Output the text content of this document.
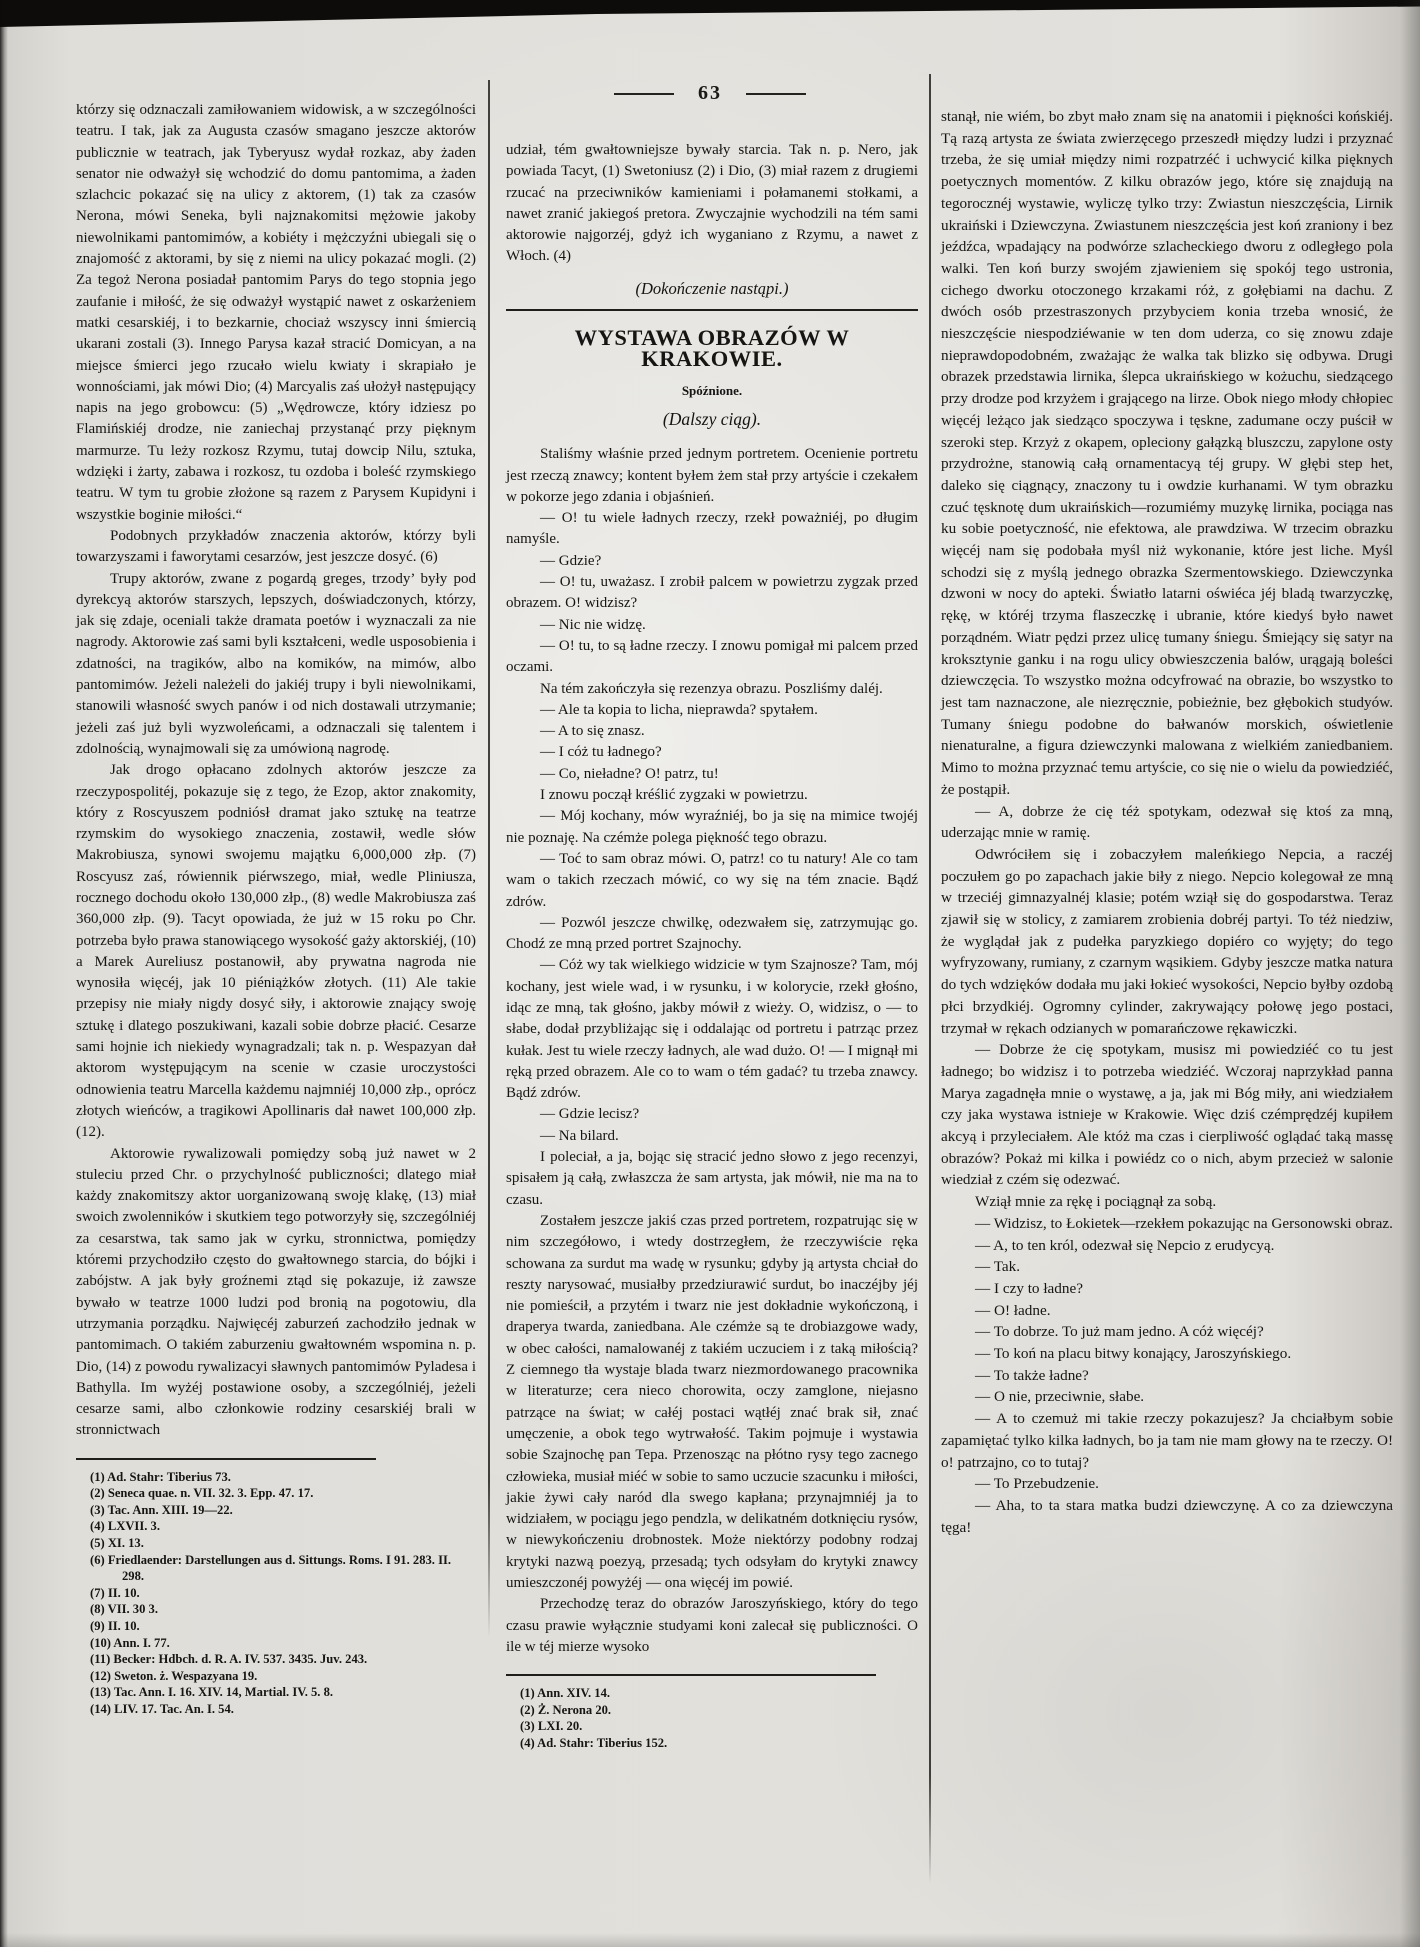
63

którzy się odznaczali zamiłowaniem widowisk, a w szczególności teatru. I tak, jak za Augusta czasów smagano jeszcze aktorów publicznie w teatrach, jak Tyberyusz wydał rozkaz, aby żaden senator nie odważył się wchodzić do domu pantomima, a żaden szlachcic pokazać się na ulicy z aktorem, (1) tak za czasów Nerona, mówi Seneka, byli najznakomitsi mężowie jakoby niewolnikami pantomimów, a kobiéty i mężczyźni ubiegali się o znajomość z aktorami, by się z niemi na ulicy pokazać mogli. (2) Za tegoż Nerona posiadał pantomim Parys do tego stopnia jego zaufanie i miłość, że się odważył wystąpić nawet z oskarżeniem matki cesarskiéj, i to bezkarnie, chociaż wszyscy inni śmiercią ukarani zostali (3). Innego Parysa kazał stracić Domicyan, a na miejsce śmierci jego rzucało wielu kwiaty i skrapiało je wonnościami, jak mówi Dio; (4) Marcyalis zaś ułożył następujący napis na jego grobowcu: (5) „Wędrowcze, który idziesz po Flamińskiéj drodze, nie zaniechaj przystanąć przy pięknym marmurze. Tu leży rozkosz Rzymu, tutaj dowcip Nilu, sztuka, wdzięki i żarty, zabawa i rozkosz, tu ozdoba i boleść rzymskiego teatru. W tym tu grobie złożone są razem z Parysem Kupidyni i wszystkie boginie miłości.“

Podobnych przykładów znaczenia aktorów, którzy byli towarzyszami i faworytami cesarzów, jest jeszcze dosyć. (6)

Trupy aktorów, zwane z pogardą greges, trzody’ były pod dyrekcyą aktorów starszych, lepszych, doświadczonych, którzy, jak się zdaje, oceniali także dramata poetów i wyznaczali za nie nagrody. Aktorowie zaś sami byli kształceni, wedle usposobienia i zdatności, na tragików, albo na komików, na mimów, albo pantomimów. Jeżeli należeli do jakiéj trupy i byli niewolnikami, stanowili własność swych panów i od nich dostawali utrzymanie; jeżeli zaś już byli wyzwoleńcami, a odznaczali się talentem i zdolnością, wynajmowali się za umówioną nagrodę.

Jak drogo opłacano zdolnych aktorów jeszcze za rzeczypospolitéj, pokazuje się z tego, że Ezop, aktor znakomity, który z Roscyuszem podniósł dramat jako sztukę na teatrze rzymskim do wysokiego znaczenia, zostawił, wedle słów Makrobiusza, synowi swojemu majątku 6,000,000 złp. (7) Roscyusz zaś, rówiennik piérwszego, miał, wedle Pliniusza, rocznego dochodu około 130,000 złp., (8) wedle Makrobiusza zaś 360,000 złp. (9). Tacyt opowiada, że już w 15 roku po Chr. potrzeba było prawa stanowiącego wysokość gaży aktorskiéj, (10) a Marek Aureliusz postanowił, aby prywatna nagroda nie wynosiła więcéj, jak 10 piéniążków złotych. (11) Ale takie przepisy nie miały nigdy dosyć siły, i aktorowie znający swoję sztukę i dlatego poszukiwani, kazali sobie dobrze płacić. Cesarze sami hojnie ich niekiedy wynagradzali; tak n. p. Wespazyan dał aktorom występującym na scenie w czasie uroczystości odnowienia teatru Marcella każdemu najmniéj 10,000 złp., oprócz złotych wieńców, a tragikowi Apollinaris dał nawet 100,000 złp. (12).

Aktorowie rywalizowali pomiędzy sobą już nawet w 2 stuleciu przed Chr. o przychylność publiczności; dlatego miał każdy znakomitszy aktor uorganizowaną swoję klakę, (13) miał swoich zwolenników i skutkiem tego potworzyły się, szczególniéj za cesarstwa, tak samo jak w cyrku, stronnictwa, pomiędzy któremi przychodziło często do gwałtownego starcia, do bójki i zabójstw. A jak były groźnemi ztąd się pokazuje, iż zawsze bywało w teatrze 1000 ludzi pod bronią na pogotowiu, dla utrzymania porządku. Najwięcéj zaburzeń zachodziło jednak w pantomimach. O takiém zaburzeniu gwałtowném wspomina n. p. Dio, (14) z powodu rywalizacyi sławnych pantomimów Pyladesa i Bathylla. Im wyżéj postawione osoby, a szczególniéj, jeżeli cesarze sami, albo członkowie rodziny cesarskiéj brali w stronnictwach

(1) Ad. Stahr: Tiberius 73.

(2) Seneca quae. n. VII. 32. 3. Epp. 47. 17.

(3) Tac. Ann. XIII. 19—22.

(4) LXVII. 3.

(5) XI. 13.

(6) Friedlaender: Darstellungen aus d. Sittungs. Roms. I 91. 283. II. 298.

(7) II. 10.

(8) VII. 30 3.

(9) II. 10.

(10) Ann. I. 77.

(11) Becker: Hdbch. d. R. A. IV. 537. 3435. Juv. 243.

(12) Sweton. ż. Wespazyana 19.

(13) Tac. Ann. I. 16. XIV. 14, Martial. IV. 5. 8.

(14) LIV. 17. Tac. An. I. 54.

udział, tém gwałtowniejsze bywały starcia. Tak n. p. Nero, jak powiada Tacyt, (1) Swetoniusz (2) i Dio, (3) miał razem z drugiemi rzucać na przeciwników kamieniami i połamanemi stołkami, a nawet zranić jakiegoś pretora. Zwyczajnie wychodzili na tém sami aktorowie najgorzéj, gdyż ich wyganiano z Rzymu, a nawet z Włoch. (4)

(Dokończenie nastąpi.)

WYSTAWA OBRAZÓW W KRAKOWIE.

Spóźnione.

(Dalszy ciąg).

Staliśmy właśnie przed jednym portretem. Ocenienie portretu jest rzeczą znawcy; kontent byłem żem stał przy artyście i czekałem w pokorze jego zdania i objaśnień.

— O! tu wiele ładnych rzeczy, rzekł poważniéj, po długim namyśle.

— Gdzie?

— O! tu, uważasz. I zrobił palcem w powietrzu zygzak przed obrazem. O! widzisz?

— Nic nie widzę.

— O! tu, to są ładne rzeczy. I znowu pomigał mi palcem przed oczami.

Na tém zakończyła się rezenzya obrazu. Poszliśmy daléj.

— Ale ta kopia to licha, nieprawda? spytałem.

— A to się znasz.

— I cóż tu ładnego?

— Co, nieładne? O! patrz, tu!

I znowu począł kréślić zygzaki w powietrzu.

— Mój kochany, mów wyraźniéj, bo ja się na mimice twojéj nie poznaję. Na czémże polega piękność tego obrazu.

— Toć to sam obraz mówi. O, patrz! co tu natury! Ale co tam wam o takich rzeczach mówić, co wy się na tém znacie. Bądź zdrów.

— Pozwól jeszcze chwilkę, odezwałem się, zatrzymując go. Chodź ze mną przed portret Szajnochy.

— Cóż wy tak wielkiego widzicie w tym Szajnosze? Tam, mój kochany, jest wiele wad, i w rysunku, i w kolorycie, rzekł głośno, idąc ze mną, tak głośno, jakby mówił z wieży. O, widzisz, o — to słabe, dodał przybliżając się i oddalając od portretu i patrząc przez kułak. Jest tu wiele rzeczy ładnych, ale wad dużo. O! — I mignął mi ręką przed obrazem. Ale co to wam o tém gadać? tu trzeba znawcy. Bądź zdrów.

— Gdzie lecisz?

— Na bilard.

I poleciał, a ja, bojąc się stracić jedno słowo z jego recenzyi, spisałem ją całą, zwłaszcza że sam artysta, jak mówił, nie ma na to czasu.

Zostałem jeszcze jakiś czas przed portretem, rozpatrując się w nim szczegółowo, i wtedy dostrzegłem, że rzeczywiście ręka schowana za surdut ma wadę w rysunku; gdyby ją artysta chciał do reszty narysować, musiałby przedziurawić surdut, bo inaczéjby jéj nie pomieścił, a przytém i twarz nie jest dokładnie wykończoną, i draperya twarda, zaniedbana. Ale czémże są te drobiazgowe wady, w obec całości, namalowanéj z takiém uczuciem i z taką miłością? Z ciemnego tła wystaje blada twarz niezmordowanego pracownika w literaturze; cera nieco chorowita, oczy zamglone, niejasno patrzące na świat; w całéj postaci wątłéj znać brak sił, znać umęczenie, a obok tego wytrwałość. Takim pojmuje i wystawia sobie Szajnochę pan Tepa. Przenosząc na płótno rysy tego zacnego człowieka, musiał miéć w sobie to samo uczucie szacunku i miłości, jakie żywi cały naród dla swego kapłana; przynajmniéj ja to widziałem, w pociągu jego pendzla, w delikatném dotknięciu rysów, w niewykończeniu drobnostek. Może niektórzy podobny rodzaj krytyki nazwą poezyą, przesadą; tych odsyłam do krytyki znawcy umieszczonéj powyżéj — ona więcéj im powié.

Przechodzę teraz do obrazów Jaroszyńskiego, który do tego czasu prawie wyłącznie studyami koni zalecał się publiczności. O ile w téj mierze wysoko

(1) Ann. XIV. 14.

(2) Ż. Nerona 20.

(3) LXI. 20.

(4) Ad. Stahr: Tiberius 152.

stanął, nie wiém, bo zbyt mało znam się na anatomii i piękności końskiéj. Tą razą artysta ze świata zwierzęcego przeszedł między ludzi i przyznać trzeba, że się umiał między nimi rozpatrzéć i uchwycić kilka pięknych poetycznych momentów. Z kilku obrazów jego, które się znajdują na tegorocznéj wystawie, wyliczę tylko trzy: Zwiastun nieszczęścia, Lirnik ukraiński i Dziewczyna. Zwiastunem nieszczęścia jest koń zraniony i bez jeźdźca, wpadający na podwórze szlacheckiego dworu z odległego pola walki. Ten koń burzy swojém zjawieniem się spokój tego ustronia, cichego dworku otoczonego krzakami róż, z gołębiami na dachu. Z dwóch osób przestraszonych przybyciem konia trzeba wnosić, że nieszczęście niespodziéwanie w ten dom uderza, co się znowu zdaje nieprawdopodobném, zważając że walka tak blizko się odbywa. Drugi obrazek przedstawia lirnika, ślepca ukraińskiego w kożuchu, siedzącego przy drodze pod krzyżem i grającego na lirze. Obok niego młody chłopiec więcéj leżąco jak siedząco spoczywa i tęskne, zadumane oczy puścił w szeroki step. Krzyż z okapem, opleciony gałązką bluszczu, zapylone osty przydrożne, stanowią całą ornamentacyą téj grupy. W głębi step het, daleko się ciągnący, znaczony tu i owdzie kurhanami. W tym obrazku czuć tęsknotę dum ukraińskich—rozumiémy muzykę lirnika, pociąga nas ku sobie poetyczność, nie efektowa, ale prawdziwa. W trzecim obrazku więcéj nam się podobała myśl niż wykonanie, które jest liche. Myśl schodzi się z myślą jednego obrazka Szermentowskiego. Dziewczynka dzwoni w nocy do apteki. Światło latarni oświéca jéj bladą twarzyczkę, rękę, w któréj trzyma flaszeczkę i ubranie, które kiedyś było nawet porządném. Wiatr pędzi przez ulicę tumany śniegu. Śmiejący się satyr na kroksztynie ganku i na rogu ulicy obwieszczenia balów, urągają boleści dziewczęcia. To wszystko można odcyfrować na obrazie, bo wszystko to jest tam naznaczone, ale niezręcznie, pobieżnie, bez głębokich studyów. Tumany śniegu podobne do bałwanów morskich, oświetlenie nienaturalne, a figura dziewczynki malowana z wielkiém zaniedbaniem. Mimo to można przyznać temu artyście, co się nie o wielu da powiedziéć, że postąpił.

— A, dobrze że cię téż spotykam, odezwał się ktoś za mną, uderzając mnie w ramię.

Odwróciłem się i zobaczyłem maleńkiego Nepcia, a raczéj poczułem go po zapachach jakie biły z niego. Nepcio kolegował ze mną w trzeciéj gimnazyalnéj klasie; potém wziął się do gospodarstwa. Teraz zjawił się w stolicy, z zamiarem zrobienia dobréj partyi. To téż niedziw, że wyglądał jak z pudełka paryzkiego dopiéro co wyjęty; do tego wyfryzowany, rumiany, z czarnym wąsikiem. Gdyby jeszcze matka natura do tych wdzięków dodała mu jaki łokieć wysokości, Nepcio byłby ozdobą płci brzydkiéj. Ogromny cylinder, zakrywający połowę jego postaci, trzymał w rękach odzianych w pomarańczowe rękawiczki.

— Dobrze że cię spotykam, musisz mi powiedziéć co tu jest ładnego; bo widzisz i to potrzeba wiedziéć. Wczoraj naprzykład panna Marya zagadnęła mnie o wystawę, a ja, jak mi Bóg miły, ani wiedziałem czy jaka wystawa istnieje w Krakowie. Więc dziś czémprędzéj kupiłem akcyą i przyleciałem. Ale któż ma czas i cierpliwość oglądać taką massę obrazów? Pokaż mi kilka i powiédz co o nich, abym przecież w salonie wiedział z czém się odezwać.

Wziął mnie za rękę i pociągnął za sobą.

— Widzisz, to Łokietek—rzekłem pokazując na Gersonowski obraz.

— A, to ten król, odezwał się Nepcio z erudycyą.

— Tak.

— I czy to ładne?

— O! ładne.

— To dobrze. To już mam jedno. A cóż więcéj?

— To koń na placu bitwy konający, Jaroszyńskiego.

— To także ładne?

— O nie, przeciwnie, słabe.

— A to czemuż mi takie rzeczy pokazujesz? Ja chciałbym sobie zapamiętać tylko kilka ładnych, bo ja tam nie mam głowy na te rzeczy. O! o! patrzajno, co to tutaj?

— To Przebudzenie.

— Aha, to ta stara matka budzi dziewczynę. A co za dziewczyna tęga!
